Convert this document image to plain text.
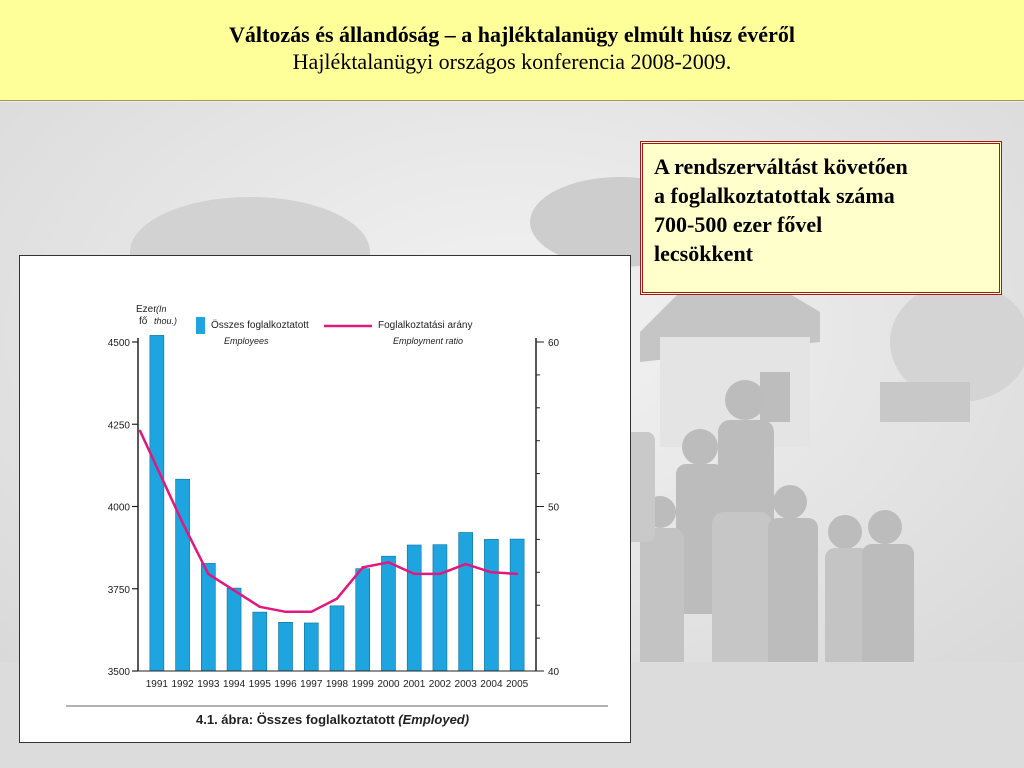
Változás és állandóság – a hajléktalanügy elmúlt húsz évéről
Hajléktalanügyi országos konferencia 2008-2009.

A rendszerváltást követően

a foglalkoztatottak száma

700-500 ezer fővel

lecsökkent

Ezer
fő
(In
thou.)	Összes foglalkoztatott
Employees
Foglalkoztatási arány
Employment ratio
3500
3750
4000
4250
4500
40
50
60
1991 1992 1993 1994 1995 1996 1997 1998 1999 2000 2001 2002 2003 2004 2005
4.1. ábra: Összes foglalkoztatott (Employed)
